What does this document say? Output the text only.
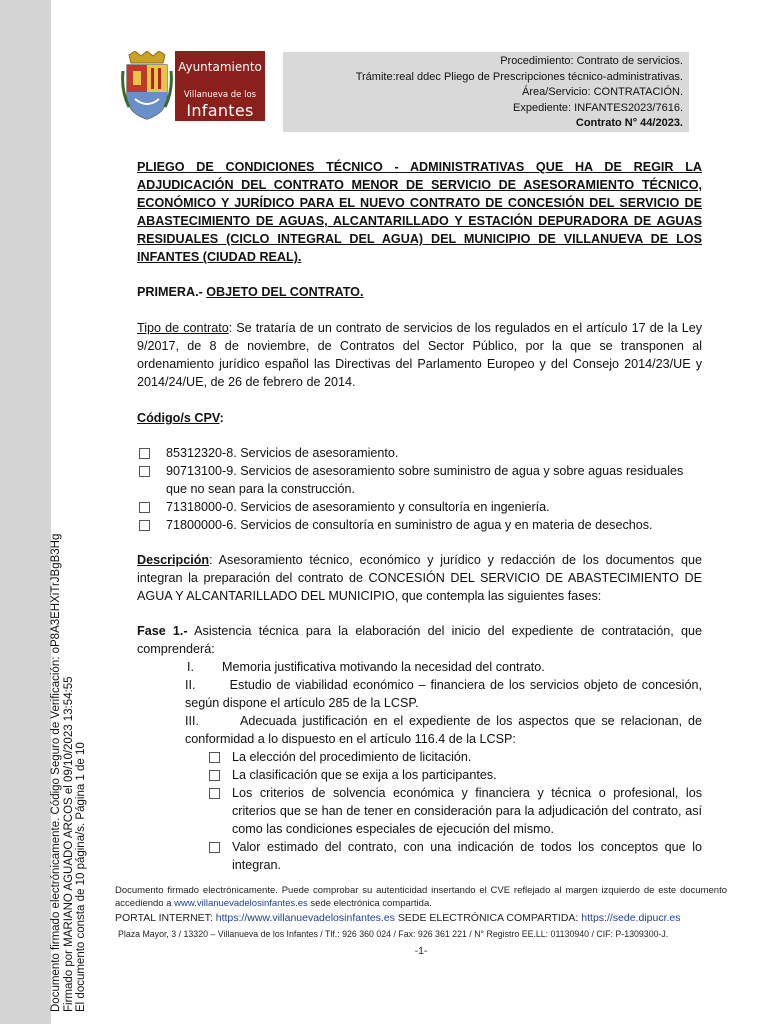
Documento firmado electrónicamente. Código Seguro de Verificación: oP8A3EHXiTrJBgB3Hg Firmado por MARIANO AGUADO ARCOS el 09/10/2023 13:54:55 El documento consta de 10 página/s. Página 1 de 10
Ayuntamiento
Villanueva de los
Infantes
Procedimiento: Contrato de servicios.
Trámite:real ddec Pliego de Prescripciones técnico-administrativas.
Área/Servicio: CONTRATACIÓN.
Expediente: INFANTES2023/7616.
Contrato N° 44/2023.
PLIEGO DE CONDICIONES TÉCNICO - ADMINISTRATIVAS QUE HA DE REGIR LA ADJUDICACIÓN DEL CONTRATO MENOR DE SERVICIO DE ASESORAMIENTO TÉCNICO, ECONÓMICO Y JURÍDICO PARA EL NUEVO CONTRATO DE CONCESIÓN DEL SERVICIO DE ABASTECIMIENTO DE AGUAS, ALCANTARILLADO Y ESTACIÓN DEPURADORA DE AGUAS RESIDUALES (CICLO INTEGRAL DEL AGUA) DEL MUNICIPIO DE VILLANUEVA DE LOS INFANTES (CIUDAD REAL).

PRIMERA.- OBJETO DEL CONTRATO.

Tipo de contrato: Se trataría de un contrato de servicios de los regulados en el artículo 17 de la Ley 9/2017, de 8 de noviembre, de Contratos del Sector Público, por la que se transponen al ordenamiento jurídico español las Directivas del Parlamento Europeo y del Consejo 2014/23/UE y 2014/24/UE, de 26 de febrero de 2014.

Código/s CPV:

85312320-8. Servicios de asesoramiento.
90713100-9. Servicios de asesoramiento sobre suministro de agua y sobre aguas residuales que no sean para la construcción.
71318000-0. Servicios de asesoramiento y consultoría en ingeniería.
71800000-6. Servicios de consultoría en suministro de agua y en materia de desechos.

Descripción: Asesoramiento técnico, económico y jurídico y redacción de los documentos que integran la preparación del contrato de CONCESIÓN DEL SERVICIO DE ABASTECIMIENTO DE AGUA Y ALCANTARILLADO DEL MUNICIPIO, que contempla las siguientes fases:

Fase 1.- Asistencia técnica para la elaboración del inicio del expediente de contratación, que comprenderá:

I.	Memoria justificativa motivando la necesidad del contrato.

II.	Estudio de viabilidad económico – financiera de los servicios objeto de concesión, según dispone el artículo 285 de la LCSP.

III.	Adecuada justificación en el expediente de los aspectos que se relacionan, de conformidad a lo dispuesto en el artículo 116.4 de la LCSP:

La elección del procedimiento de licitación.
La clasificación que se exija a los participantes.
Los criterios de solvencia económica y financiera y técnica o profesional, los criterios que se han de tener en consideración para la adjudicación del contrato, así como las condiciones especiales de ejecución del mismo.
Valor estimado del contrato, con una indicación de todos los conceptos que lo integran.
Documento firmado electrónicamente. Puede comprobar su autenticidad insertando el CVE reflejado al margen izquierdo de este documento accediendo a www.villanuevadelosinfantes.es sede electrónica compartida.
PORTAL INTERNET: https://www.villanuevadelosinfantes.es SEDE ELECTRÓNICA COMPARTIDA: https://sede.dipucr.es
Plaza Mayor, 3 / 13320 – Villanueva de los Infantes / Tlf.: 926 360 024 / Fax: 926 361 221 / N° Registro EE.LL: 01130940 / CIF: P-1309300-J.
-1-
